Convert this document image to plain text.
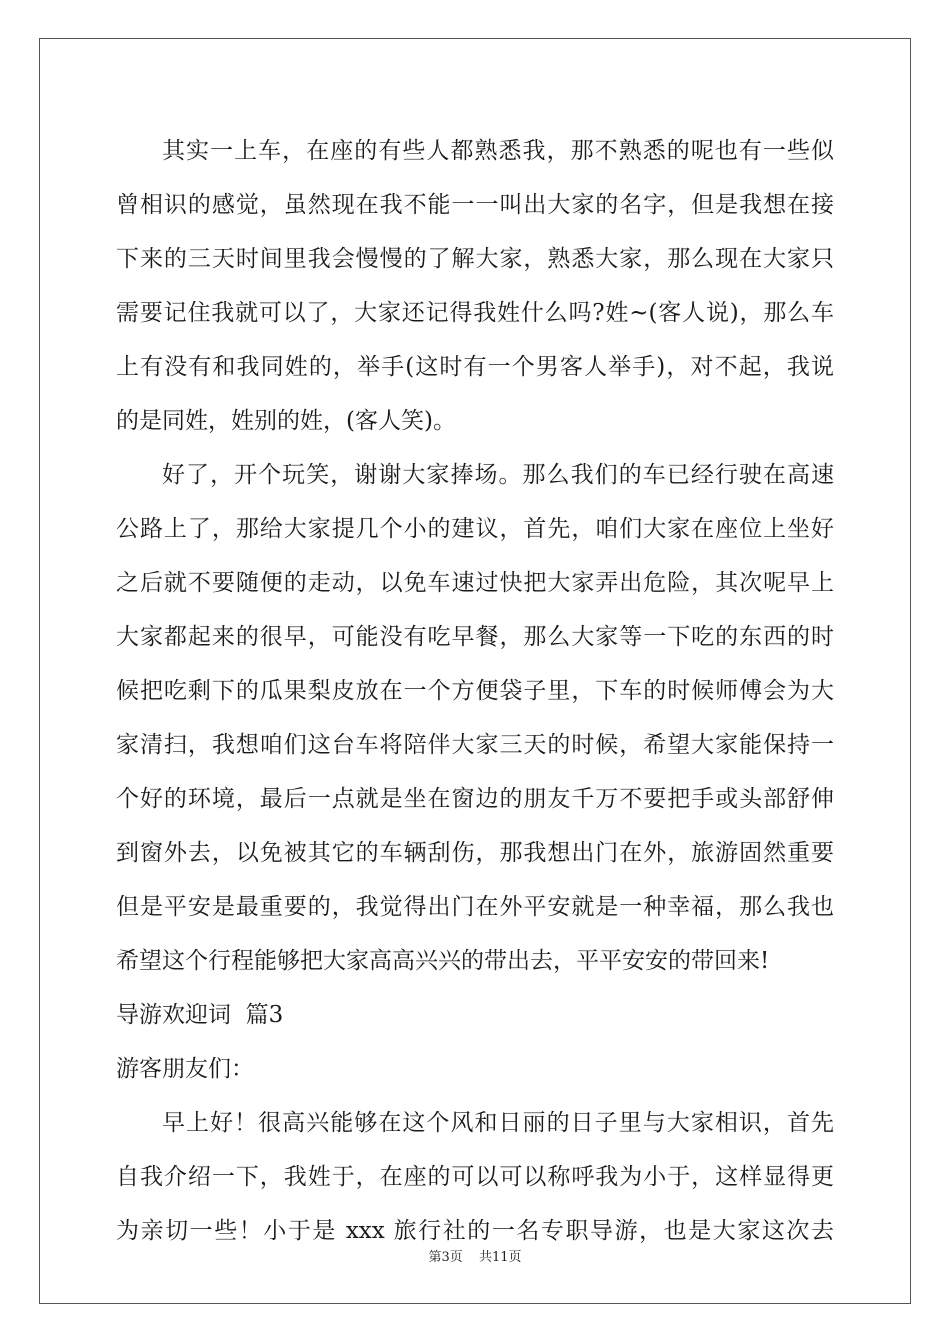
其实一上车，在座的有些人都熟悉我，那不熟悉的呢也有一些似
曾相识的感觉，虽然现在我不能一一叫出大家的名字，但是我想在接
下来的三天时间里我会慢慢的了解大家，熟悉大家，那么现在大家只
需要记住我就可以了，大家还记得我姓什么吗?姓~(客人说)，那么车
上有没有和我同姓的，举手(这时有一个男客人举手)，对不起，我说
的是同姓，姓别的姓，(客人笑)。
好了，开个玩笑，谢谢大家捧场。那么我们的车已经行驶在高速
公路上了，那给大家提几个小的建议，首先，咱们大家在座位上坐好
之后就不要随便的走动，以免车速过快把大家弄出危险，其次呢早上
大家都起来的很早，可能没有吃早餐，那么大家等一下吃的东西的时
候把吃剩下的瓜果梨皮放在一个方便袋子里，下车的时候师傅会为大
家清扫，我想咱们这台车将陪伴大家三天的时候，希望大家能保持一
个好的环境，最后一点就是坐在窗边的朋友千万不要把手或头部舒伸
到窗外去，以免被其它的车辆刮伤，那我想出门在外，旅游固然重要
但是平安是最重要的，我觉得出门在外平安就是一种幸福，那么我也
希望这个行程能够把大家高高兴兴的带出去，平平安安的带回来!
导游欢迎词  篇3
游客朋友们：
早上好！很高兴能够在这个风和日丽的日子里与大家相识，首先
自我介绍一下，我姓于，在座的可以可以称呼我为小于，这样显得更
为亲切一些！小于是 xxx 旅行社的一名专职导游，也是大家这次去
第3页 共11页
